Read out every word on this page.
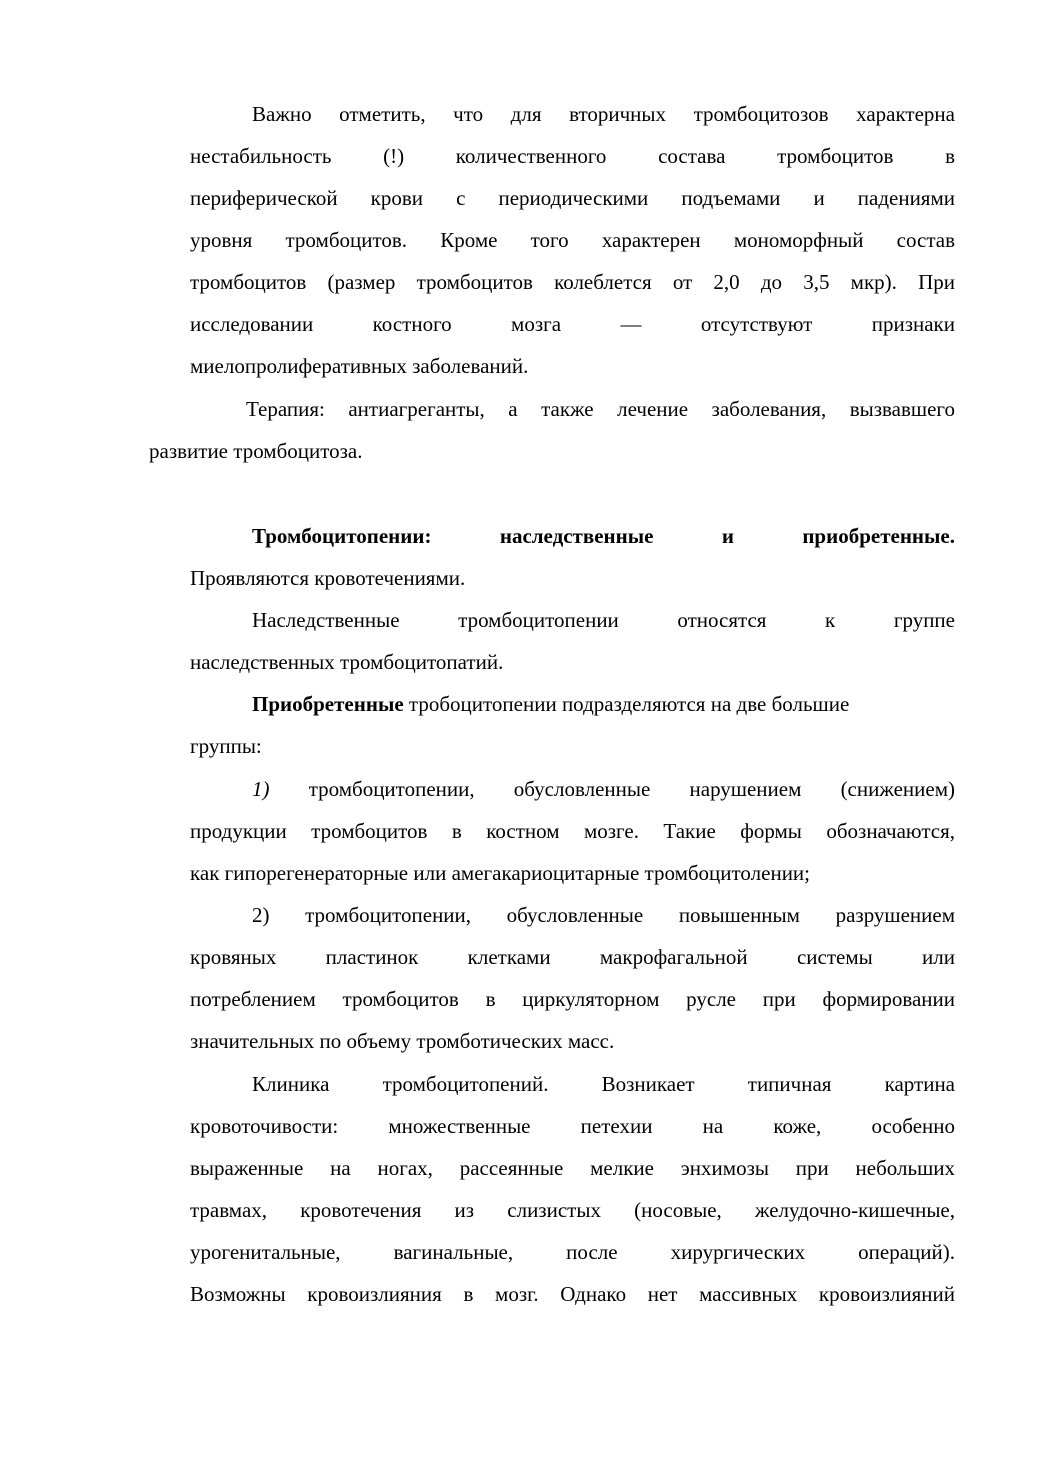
Важно отметить, что для вторичных тромбоцитозов характерна

нестабильность (!) количественного состава тромбоцитов в

периферической крови с периодическими подъемами и падениями

уровня тромбоцитов. Кроме того характерен мономорфный состав

тромбоцитов (размер тромбоцитов колеблется от 2,0 до 3,5 мкр). При

исследовании костного мозга — отсутствуют признаки

миелопролиферативных заболеваний.

Терапия: антиагреганты, а также лечение заболевания, вызвавшего

развитие тромбоцитоза.

Тромбоцитопении: наследственные и приобретенные.

Проявляются кровотечениями.

Наследственные тромбоцитопении относятся к группе

наследственных тромбоцитопатий.

Приобретенные тробоцитопении подразделяются на две большие

группы:

1) тромбоцитопении, обусловленные нарушением (снижением)

продукции тромбоцитов в костном мозге. Такие формы обозначаются,

как гипорегенераторные или амегакариоцитарные тромбоцитолении;

2) тромбоцитопении, обусловленные повышенным разрушением

кровяных пластинок клетками макрофагальной системы или

потреблением тромбоцитов в циркуляторном русле при формировании

значительных по объему тромботических масс.

Клиника тромбоцитопений. Возникает типичная картина

кровоточивости: множественные петехии на коже, особенно

выраженные на ногах, рассеянные мелкие энхимозы при небольших

травмах, кровотечения из слизистых (носовые, желудочно-кишечные,

урогенитальные, вагинальные, после хирургических операций).

Возможны кровоизлияния в мозг. Однако нет массивных кровоизлияний
